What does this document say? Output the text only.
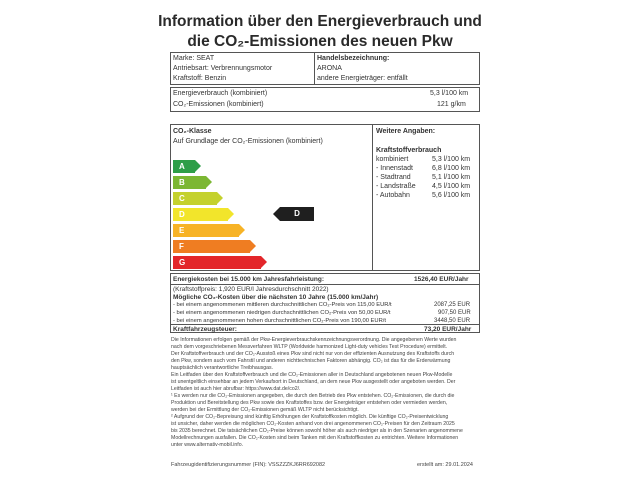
Information über den Energieverbrauch und
die CO₂-Emissionen des neuen Pkw
Marke: SEAT
Antriebsart: Verbrennungsmotor
Kraftstoff: Benzin
Handelsbezeichnung:
ARONA
andere Energieträger: entfällt
Energieverbrauch (kombiniert)	5,3 l/100 km
CO₂-Emissionen (kombiniert)	121 g/km
CO₂-Klasse
Auf Grundlage der CO₂-Emissionen (kombiniert)
A
B
C
D
E
F
G
D
Weitere Angaben:
Kraftstoffverbrauch
kombiniert	5,3 l/100 km
- Innenstadt	6,8 l/100 km
- Stadtrand	5,1 l/100 km
- Landstraße 4,5 l/100 km
- Autobahn	5,6 l/100 km
Energiekosten bei 15.000 km Jahresfahrleistung:	1526,40 EUR/Jahr
(Kraftstoffpreis: 1,920 EUR/l Jahresdurchschnitt 2022)
Mögliche CO₂-Kosten über die nächsten 10 Jahre (15.000 km/Jahr)
- bei einem angenommenen mittleren durchschnittlichen CO₂-Preis von 115,00 EUR/t	2087,25 EUR
- bei einem angenommenen niedrigen durchschnittlichen CO₂-Preis von 50,00 EUR/t	907,50 EUR
- bei einem angenommenen hohen durchschnittlichen CO₂-Preis von 190,00 EUR/t	3448,50 EUR
Kraftfahrzeugsteuer:	73,20 EUR/Jahr
Die Informationen erfolgen gemäß der Pkw-Energieverbrauchskennzeichnungsverordnung. Die angegebenen Werte wurden
nach dem vorgeschriebenen Messverfahren WLTP (Worldwide harmonized Light-duty vehicles Test Procedure) ermittelt.
Der Kraftstoffverbrauch und der CO₂-Ausstoß eines Pkw sind nicht nur von der effizienten Ausnutzung des Kraftstoffs durch
den Pkw, sondern auch vom Fahrstil und anderen nichttechnischen Faktoren abhängig. CO₂ ist das für die Erderwärmung
hauptsächlich verantwortliche Treibhausgas.
Ein Leitfaden über den Kraftstoffverbrauch und die CO₂-Emissionen aller in Deutschland angebotenen neuen Pkw-Modelle
ist unentgeltlich einsehbar an jedem Verkaufsort in Deutschland, an dem neue Pkw ausgestellt oder angeboten werden. Der
Leitfaden ist auch hier abrufbar: https://www.dat.de/co2/.
¹ Es werden nur die CO₂-Emissionen angegeben, die durch den Betrieb des Pkw entstehen. CO₂-Emissionen, die durch die
Produktion und Bereitstellung des Pkw sowie des Kraftstoffes bzw. der Energieträger entstehen oder vermieden werden,
werden bei der Ermittlung der CO₂-Emissionen gemäß WLTP nicht berücksichtigt.
² Aufgrund der CO₂-Bepreisung sind künftig Erhöhungen der Kraftstoffkosten möglich. Die künftige CO₂-Preisentwicklung
ist unsicher, daher werden die möglichen CO₂-Kosten anhand von drei angenommenen CO₂-Preisen für den Zeitraum 2025
bis 2035 berechnet. Die tatsächlichen CO₂-Preise können sowohl höher als auch niedriger als in den Szenarien angenommene
Modellrechnungen ausfallen. Die CO₂-Kosten sind beim Tanken mit den Kraftstoffkosten zu entrichten. Weitere Informationen
unter www.alternativ-mobil.info.
Fahrzeugidentifizierungsnummer (FIN): VSSZZZKJ6RR692082	erstellt am: 29.01.2024
